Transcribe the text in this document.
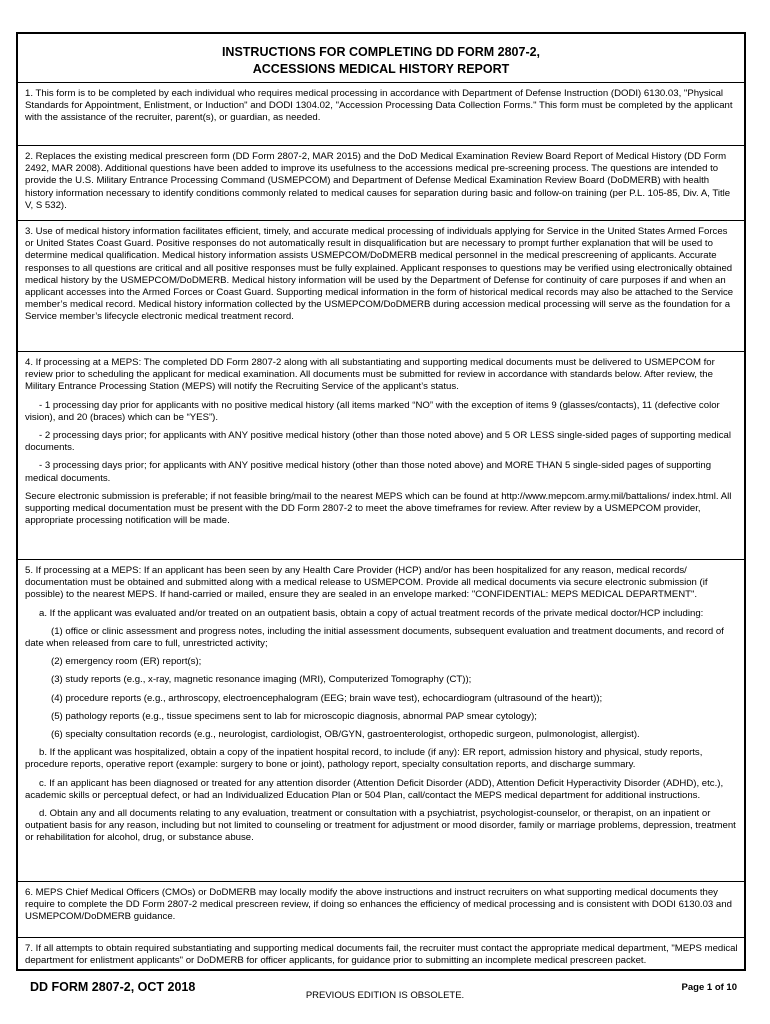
INSTRUCTIONS FOR COMPLETING DD FORM 2807-2,
ACCESSIONS MEDICAL HISTORY REPORT

1. This form is to be completed by each individual who requires medical processing in accordance with Department of Defense Instruction (DODI) 6130.03, "Physical Standards for Appointment, Enlistment, or Induction" and DODI 1304.02, "Accession Processing Data Collection Forms." This form must be completed by the applicant with the assistance of the recruiter, parent(s), or guardian, as needed.

2. Replaces the existing medical prescreen form (DD Form 2807-2, MAR 2015) and the DoD Medical Examination Review Board Report of Medical History (DD Form 2492, MAR 2008). Additional questions have been added to improve its usefulness to the accessions medical pre-screening process. The questions are intended to provide the U.S. Military Entrance Processing Command (USMEPCOM) and Department of Defense Medical Examination Review Board (DoDMERB) with health history information necessary to identify conditions commonly related to medical causes for separation during basic and follow-on training (per P.L. 105-85, Div. A, Title V, S 532).

3. Use of medical history information facilitates efficient, timely, and accurate medical processing of individuals applying for Service in the United States Armed Forces or United States Coast Guard. Positive responses do not automatically result in disqualification but are necessary to prompt further explanation that will be used to determine medical qualification. Medical history information assists USMEPCOM/DoDMERB medical personnel in the medical prescreening of applicants. Accurate responses to all questions are critical and all positive responses must be fully explained. Applicant responses to questions may be verified using electronically obtained medical history by the USMEPCOM/DoDMERB. Medical history information will be used by the Department of Defense for continuity of care purposes if and when an applicant accesses into the Armed Forces or Coast Guard. Supporting medical information in the form of historical medical records may also be attached to the Service member’s medical record. Medical history information collected by the USMEPCOM/DoDMERB during accession medical processing will serve as the foundation for a Service member’s lifecycle electronic medical treatment record.

4. If processing at a MEPS: The completed DD Form 2807-2 along with all substantiating and supporting medical documents must be delivered to USMEPCOM for review prior to scheduling the applicant for medical examination. All documents must be submitted for review in accordance with standards below. After review, the Military Entrance Processing Station (MEPS) will notify the Recruiting Service of the applicant’s status.

- 1 processing day prior for applicants with no positive medical history (all items marked “NO” with the exception of items 9 (glasses/contacts), 11 (defective color vision), and 20 (braces) which can be “YES”).

- 2 processing days prior; for applicants with ANY positive medical history (other than those noted above) and 5 OR LESS single-sided pages of supporting medical documents.

- 3 processing days prior; for applicants with ANY positive medical history (other than those noted above) and MORE THAN 5 single-sided pages of supporting medical documents.

Secure electronic submission is preferable; if not feasible bring/mail to the nearest MEPS which can be found at http://www.mepcom.army.mil/battalions/ index.html. All supporting medical documentation must be present with the DD Form 2807-2 to meet the above timeframes for review. After review by a USMEPCOM provider, appropriate processing notification will be made.

5. If processing at a MEPS: If an applicant has been seen by any Health Care Provider (HCP) and/or has been hospitalized for any reason, medical records/ documentation must be obtained and submitted along with a medical release to USMEPCOM. Provide all medical documents via secure electronic submission (if possible) to the nearest MEPS. If hand-carried or mailed, ensure they are sealed in an envelope marked: "CONFIDENTIAL: MEPS MEDICAL DEPARTMENT".

a. If the applicant was evaluated and/or treated on an outpatient basis, obtain a copy of actual treatment records of the private medical doctor/HCP including:

(1) office or clinic assessment and progress notes, including the initial assessment documents, subsequent evaluation and treatment documents, and record of date when released from care to full, unrestricted activity;

(2) emergency room (ER) report(s);

(3) study reports (e.g., x-ray, magnetic resonance imaging (MRI), Computerized Tomography (CT));

(4) procedure reports (e.g., arthroscopy, electroencephalogram (EEG; brain wave test), echocardiogram (ultrasound of the heart));

(5) pathology reports (e.g., tissue specimens sent to lab for microscopic diagnosis, abnormal PAP smear cytology);

(6) specialty consultation records (e.g., neurologist, cardiologist, OB/GYN, gastroenterologist, orthopedic surgeon, pulmonologist, allergist).

b. If the applicant was hospitalized, obtain a copy of the inpatient hospital record, to include (if any): ER report, admission history and physical, study reports, procedure reports, operative report (example: surgery to bone or joint), pathology report, specialty consultation reports, and discharge summary.

c. If an applicant has been diagnosed or treated for any attention disorder (Attention Deficit Disorder (ADD), Attention Deficit Hyperactivity Disorder (ADHD), etc.), academic skills or perceptual defect, or had an Individualized Education Plan or 504 Plan, call/contact the MEPS medical department for additional instructions.

d. Obtain any and all documents relating to any evaluation, treatment or consultation with a psychiatrist, psychologist-counselor, or therapist, on an inpatient or outpatient basis for any reason, including but not limited to counseling or treatment for adjustment or mood disorder, family or marriage problems, depression, treatment or rehabilitation for alcohol, drug, or substance abuse.

6. MEPS Chief Medical Officers (CMOs) or DoDMERB may locally modify the above instructions and instruct recruiters on what supporting medical documents they require to complete the DD Form 2807-2 medical prescreen review, if doing so enhances the efficiency of medical processing and is consistent with DODI 6130.03 and USMEPCOM/DoDMERB guidance.

7. If all attempts to obtain required substantiating and supporting medical documents fail, the recruiter must contact the appropriate medical department, "MEPS medical department for enlistment applicants" or DoDMERB for officer applicants, for guidance prior to submitting an incomplete medical prescreen packet.

DD FORM 2807-2, OCT 2018
PREVIOUS EDITION IS OBSOLETE.
Page 1 of 10
